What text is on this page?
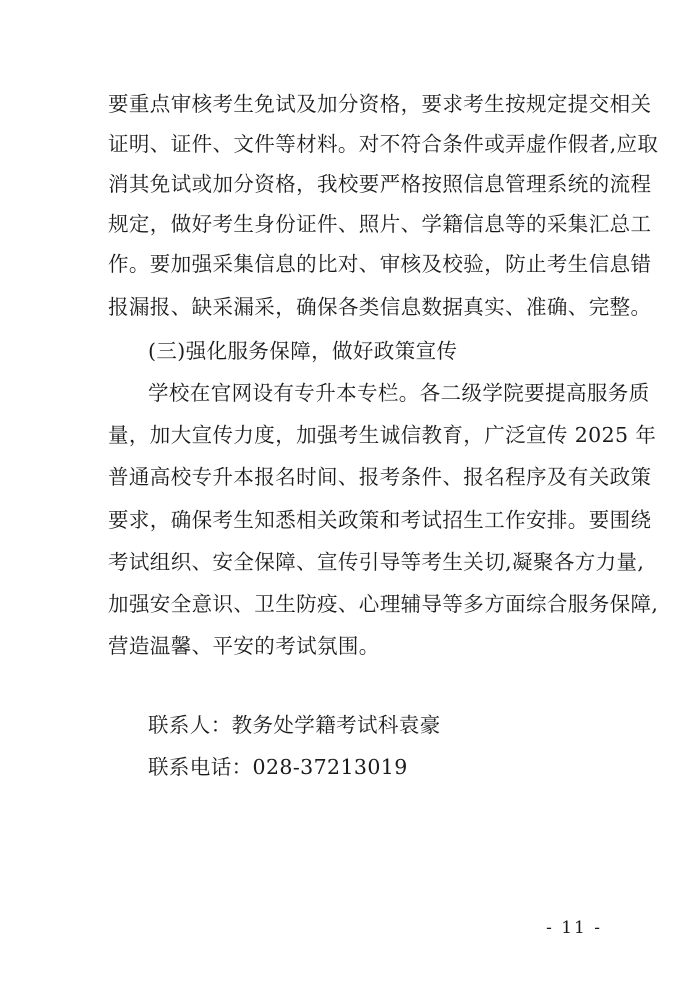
要重点审核考生免试及加分资格，要求考生按规定提交相关
证明、证件、文件等材料。对不符合条件或弄虚作假者,应取
消其免试或加分资格，我校要严格按照信息管理系统的流程
规定，做好考生身份证件、照片、学籍信息等的采集汇总工
作。要加强采集信息的比对、审核及校验，防止考生信息错
报漏报、缺采漏采，确保各类信息数据真实、准确、完整。
(三)强化服务保障，做好政策宣传
学校在官网设有专升本专栏。各二级学院要提高服务质
量，加大宣传力度，加强考生诚信教育，广泛宣传 2025 年
普通高校专升本报名时间、报考条件、报名程序及有关政策
要求，确保考生知悉相关政策和考试招生工作安排。要围绕
考试组织、安全保障、宣传引导等考生关切,凝聚各方力量,
加强安全意识、卫生防疫、心理辅导等多方面综合服务保障,
营造温馨、平安的考试氛围。
联系人：教务处学籍考试科袁豪
联系电话：028-37213019
- 11 -
